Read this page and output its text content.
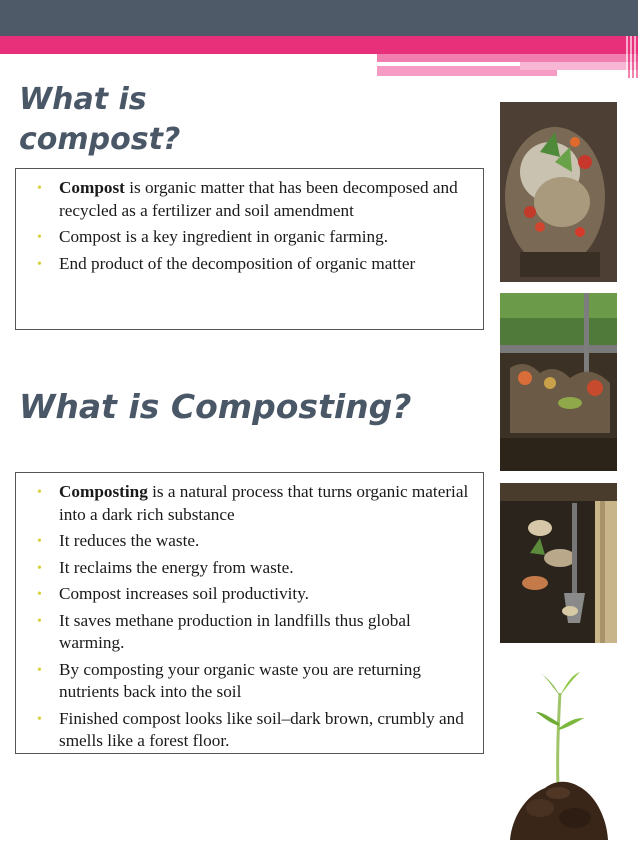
What is
compost?
• Compost is organic matter that has been decomposed and recycled as a fertilizer and soil amendment
• Compost is a key ingredient in organic farming.
• End product of the decomposition of organic matter
What is Composting?
• Composting is a natural process that turns organic material into a dark rich substance
• It reduces the waste.
• It reclaims the energy from waste.
• Compost increases soil productivity.
• It saves methane production in landfills thus global warming.
• By composting your organic waste you are returning nutrients back into the soil
• Finished compost looks like soil–dark brown, crumbly and smells like a forest floor.
